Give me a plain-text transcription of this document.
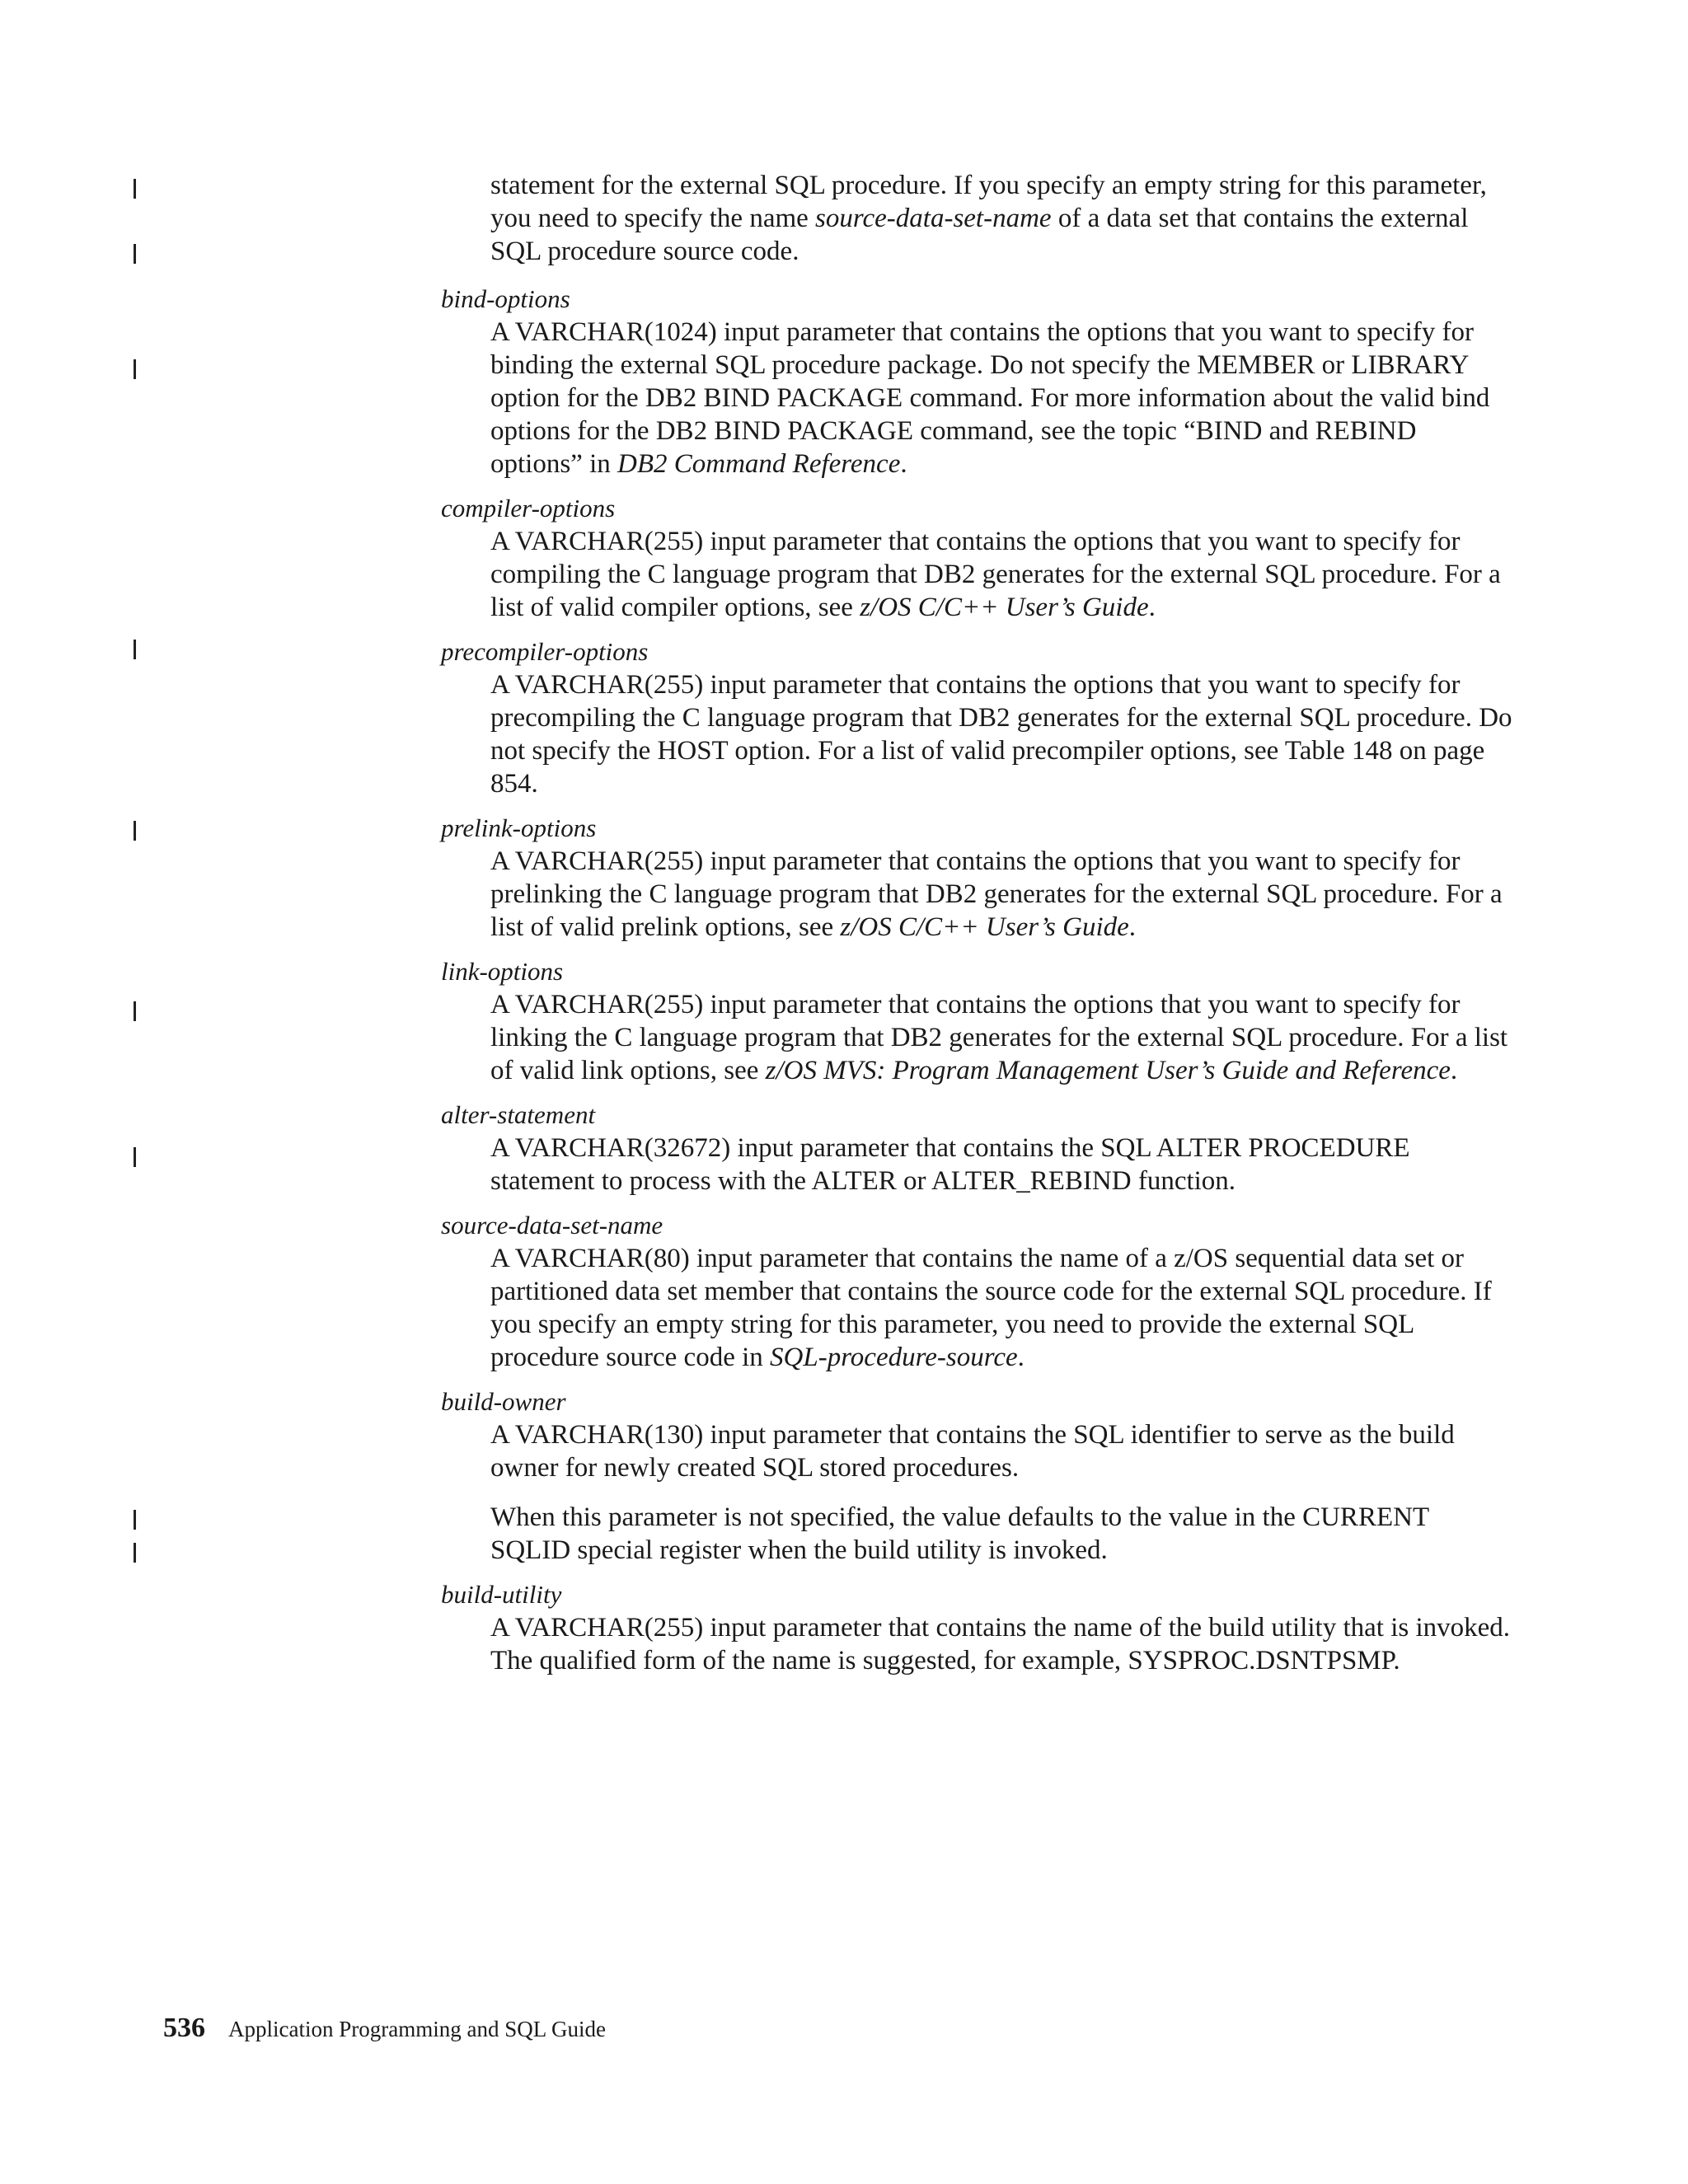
statement for the external SQL procedure. If you specify an empty string for this parameter, you need to specify the name source-data-set-name of a data set that contains the external SQL procedure source code.

bind-options

A VARCHAR(1024) input parameter that contains the options that you want to specify for binding the external SQL procedure package. Do not specify the MEMBER or LIBRARY option for the DB2 BIND PACKAGE command. For more information about the valid bind options for the DB2 BIND PACKAGE command, see the topic “BIND and REBIND options” in DB2 Command Reference.

compiler-options

A VARCHAR(255) input parameter that contains the options that you want to specify for compiling the C language program that DB2 generates for the external SQL procedure. For a list of valid compiler options, see z/OS C/C++ User’s Guide.

precompiler-options

A VARCHAR(255) input parameter that contains the options that you want to specify for precompiling the C language program that DB2 generates for the external SQL procedure. Do not specify the HOST option. For a list of valid precompiler options, see Table 148 on page 854.

prelink-options

A VARCHAR(255) input parameter that contains the options that you want to specify for prelinking the C language program that DB2 generates for the external SQL procedure. For a list of valid prelink options, see z/OS C/C++ User’s Guide.

link-options

A VARCHAR(255) input parameter that contains the options that you want to specify for linking the C language program that DB2 generates for the external SQL procedure. For a list of valid link options, see z/OS MVS: Program Management User’s Guide and Reference.

alter-statement

A VARCHAR(32672) input parameter that contains the SQL ALTER PROCEDURE statement to process with the ALTER or ALTER_REBIND function.

source-data-set-name

A VARCHAR(80) input parameter that contains the name of a z/OS sequential data set or partitioned data set member that contains the source code for the external SQL procedure. If you specify an empty string for this parameter, you need to provide the external SQL procedure source code in SQL-procedure-source.

build-owner

A VARCHAR(130) input parameter that contains the SQL identifier to serve as the build owner for newly created SQL stored procedures.

When this parameter is not specified, the value defaults to the value in the CURRENT SQLID special register when the build utility is invoked.

build-utility

A VARCHAR(255) input parameter that contains the name of the build utility that is invoked. The qualified form of the name is suggested, for example, SYSPROC.DSNTPSMP.

536 Application Programming and SQL Guide
